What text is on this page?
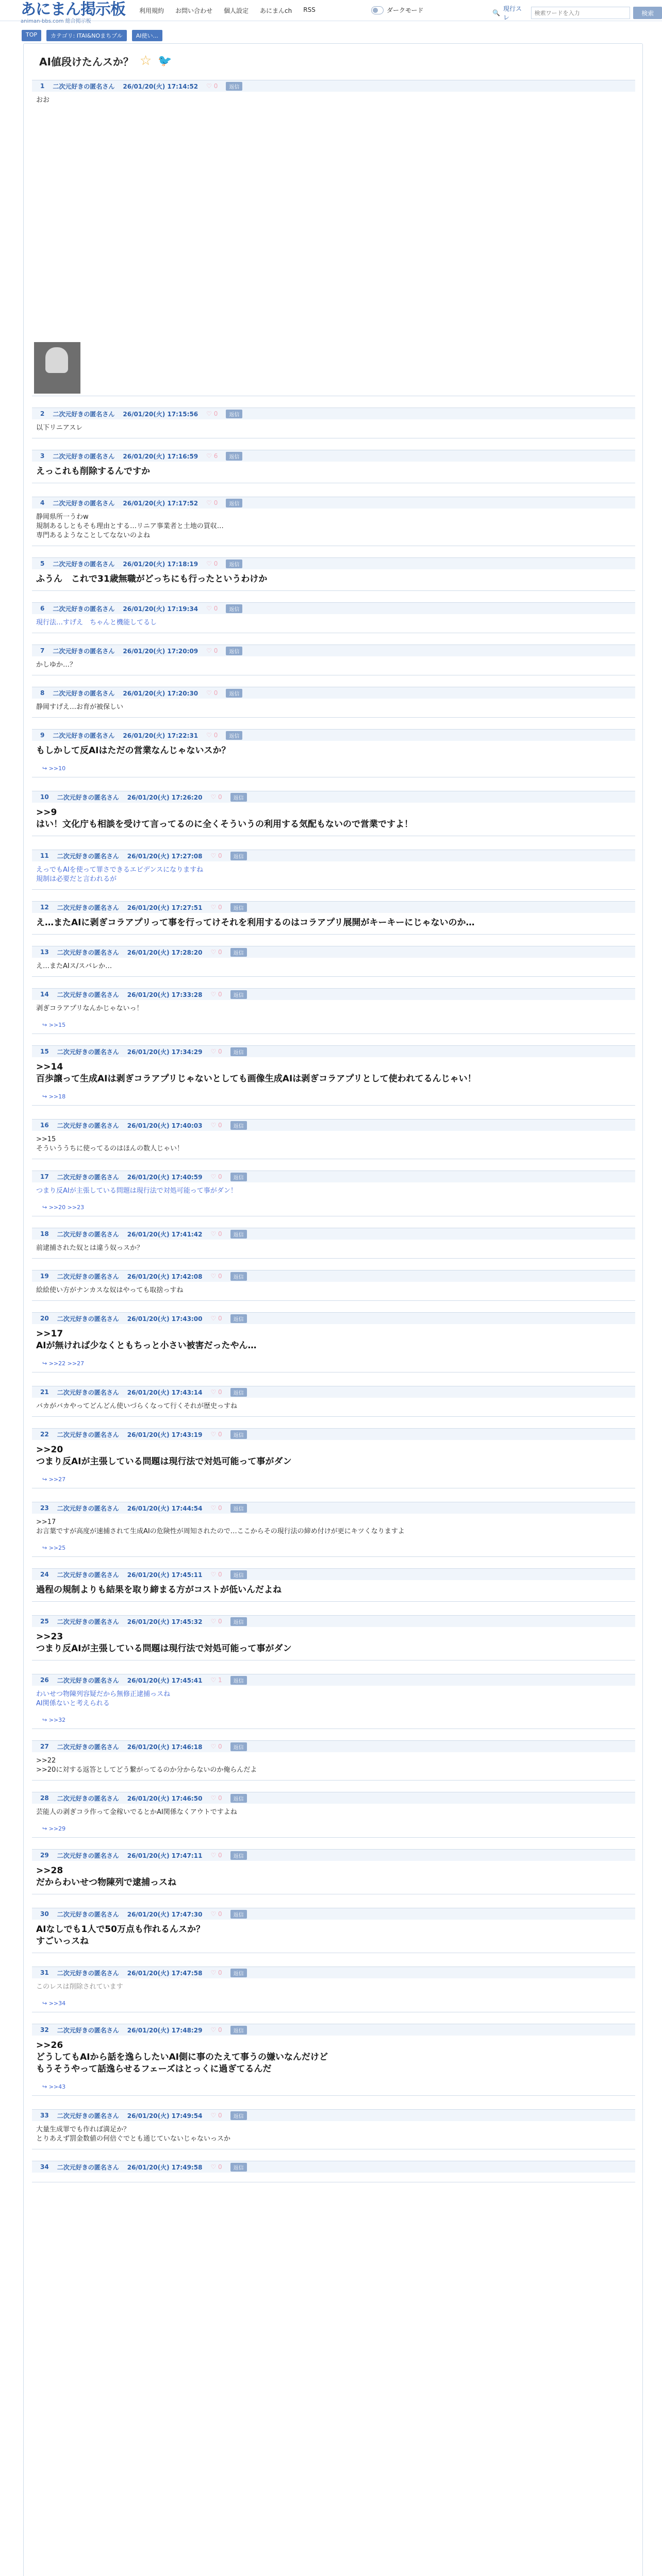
あにまん掲示板
animan-bbs.com 総合掲示板
利用規約 お問い合わせ 個人設定 あにまんch RSS	ダークモード	🔍
現行スレ
検索ワードを入力
検索
TOP	カテゴリ: ITAI&NOまちプル	AI使い...
AI値段けたんスか？ ☆ 🐦
1 二次元好きの匿名さん 26/01/20(火) 17:14:52 ♡ 0	返信
おお
2 二次元好きの匿名さん 26/01/20(火) 17:15:56 ♡ 0	返信
以下リニアスレ
3 二次元好きの匿名さん 26/01/20(火) 17:16:59 ♡ 6	返信
えっこれも削除するんですか
4 二次元好きの匿名さん 26/01/20(火) 17:17:52 ♡ 0	返信
静岡県所一うわw
規制あるしともそも理由とする…リニア事業者と土地の買収…
専門あるようなことしてなないのよね
5 二次元好きの匿名さん 26/01/20(火) 17:18:19 ♡ 0	返信
ふうん　これで31歳無職がどっちにも行ったというわけか
6 二次元好きの匿名さん 26/01/20(火) 17:19:34 ♡ 0	返信
現行法…すげえ　ちゃんと機能してるし
7 二次元好きの匿名さん 26/01/20(火) 17:20:09 ♡ 0	返信
かしゆか…？
8 二次元好きの匿名さん 26/01/20(火) 17:20:30 ♡ 0	返信
静岡すげえ…お育が被保しい
9 二次元好きの匿名さん 26/01/20(火) 17:22:31 ♡ 0	返信
もしかして反AIはただの営業なんじゃないスか？
↪ >>10
10 二次元好きの匿名さん 26/01/20(火) 17:26:20 ♡ 0	返信
>>9
はい！文化庁も相談を受けて言ってるのに全くそういうの利用する気配もないので営業ですよ！
11 二次元好きの匿名さん 26/01/20(火) 17:27:08 ♡ 0	返信
えっでもAIを使って罪さできるエビデンスになりますね
規制は必要だと言われるが
12 二次元好きの匿名さん 26/01/20(火) 17:27:51 ♡ 0	返信
え…またAIに剥ぎコラアプリって事を行ってけそれを利用するのはコラアプリ展開がキーキーにじゃないのか…
13 二次元好きの匿名さん 26/01/20(火) 17:28:20 ♡ 0	返信
え…またAIス/スバレか…
14 二次元好きの匿名さん 26/01/20(火) 17:33:28 ♡ 0	返信
剥ぎコラアプリなんかじゃないっ！
↪ >>15
15 二次元好きの匿名さん 26/01/20(火) 17:34:29 ♡ 0	返信
>>14
百歩譲って生成AIは剥ぎコラアプリじゃないとしても画像生成AIは剥ぎコラアプリとして使われてるんじゃい！
↪ >>18
16 二次元好きの匿名さん 26/01/20(火) 17:40:03 ♡ 0	返信
>>15
そういううちに使ってるのはほんの数人じゃい！
17 二次元好きの匿名さん 26/01/20(火) 17:40:59 ♡ 0	返信
つまり反AIが主張している問題は現行法で対処可能って事がダン！
↪ >>20 >>23
18 二次元好きの匿名さん 26/01/20(火) 17:41:42 ♡ 0	返信
前逮捕された奴とは違う奴っスか？
19 二次元好きの匿名さん 26/01/20(火) 17:42:08 ♡ 0	返信
絵絵使い方がナンカスな奴はやっても取捨っすね
20 二次元好きの匿名さん 26/01/20(火) 17:43:00 ♡ 0	返信
>>17
AIが無ければ少なくともちっと小さい被害だったやん…
↪ >>22 >>27
21 二次元好きの匿名さん 26/01/20(火) 17:43:14 ♡ 0	返信
バカがバカやってどんどん使いづらくなって行くそれが歴史っすね
22 二次元好きの匿名さん 26/01/20(火) 17:43:19 ♡ 0	返信
>>20
つまり反AIが主張している問題は現行法で対処可能って事がダン
↪ >>27
23 二次元好きの匿名さん 26/01/20(火) 17:44:54 ♡ 0	返信
>>17
お言葉ですが高度が速捕されて生成AIの危険性が周知されたので…ここからその現行法の締め付けが更にキツくなりますよ
↪ >>25
24 二次元好きの匿名さん 26/01/20(火) 17:45:11 ♡ 0	返信
過程の規制よりも結果を取り締まる方がコストが低いんだよね
25 二次元好きの匿名さん 26/01/20(火) 17:45:32 ♡ 0	返信
>>23
つまり反AIが主張している問題は現行法で対処可能って事がダン
26 二次元好きの匿名さん 26/01/20(火) 17:45:41 ♡ 1	返信
わいせつ物陳列容疑だから無修正逮捕っスね
AI関係ないと考えられる
↪ >>32
27 二次元好きの匿名さん 26/01/20(火) 17:46:18 ♡ 0	返信
>>22
>>20に対する返答としてどう繋がってるのか分からないのか俺らんだよ
28 二次元好きの匿名さん 26/01/20(火) 17:46:50 ♡ 0	返信
芸能人の剥ぎコラ作って金稼いでるとかAI関係なくアウトですよね
↪ >>29
29 二次元好きの匿名さん 26/01/20(火) 17:47:11 ♡ 0	返信
>>28
だからわいせつ物陳列で逮捕っスね
30 二次元好きの匿名さん 26/01/20(火) 17:47:30 ♡ 0	返信
AIなしでも1人で50万点も作れるんスか？
すごいっスね
31 二次元好きの匿名さん 26/01/20(火) 17:47:58 ♡ 0	返信
このレスは削除されています
↪ >>34
32 二次元好きの匿名さん 26/01/20(火) 17:48:29 ♡ 0	返信
>>26
どうしてもAIから話を逸らしたいAI側に事のたえて事うの嫌いなんだけど
もうそうやって話逸らせるフェーズはとっくに過ぎてるんだ
↪ >>43
33 二次元好きの匿名さん 26/01/20(火) 17:49:54 ♡ 0	返信
大量生成罪でも作れば満足か？
とりあえず罰金数値の何倍ぐでとも通じていないじゃないっスか
34 二次元好きの匿名さん 26/01/20(火) 17:49:58 ♡ 0	返信
